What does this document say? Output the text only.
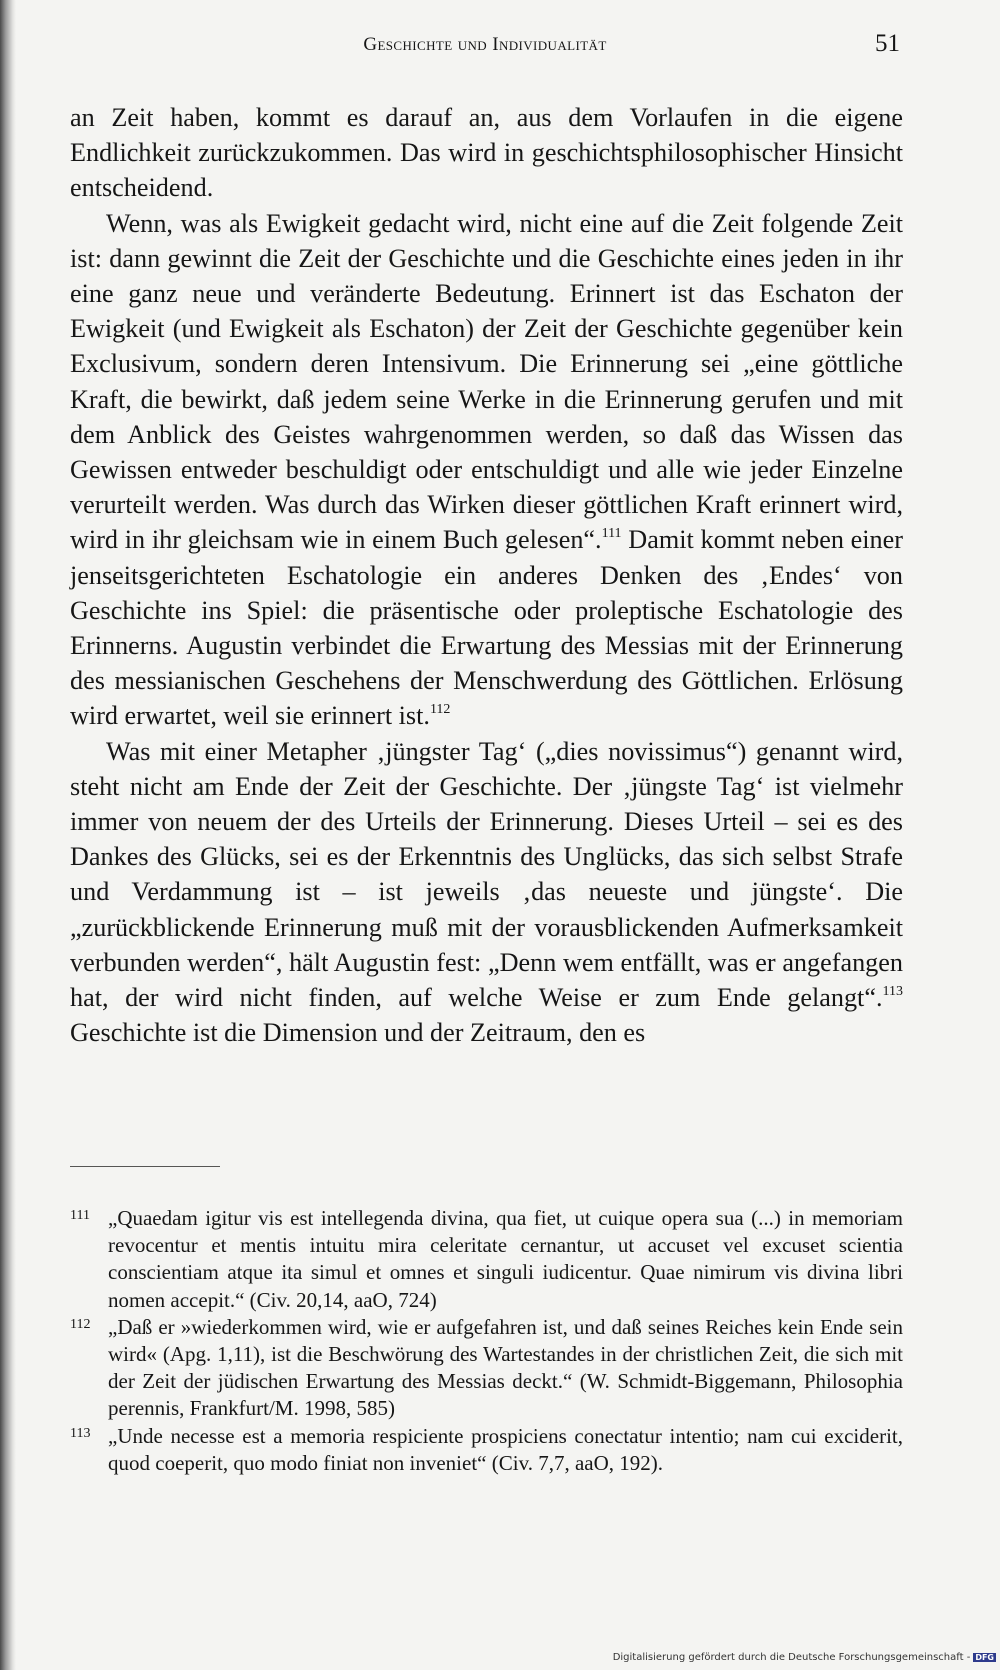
Geschichte und Individualität	51

an Zeit haben, kommt es darauf an, aus dem Vorlaufen in die eigene Endlichkeit zurückzukommen. Das wird in geschichtsphilosophischer Hinsicht entscheidend.

Wenn, was als Ewigkeit gedacht wird, nicht eine auf die Zeit folgende Zeit ist: dann gewinnt die Zeit der Geschichte und die Geschichte eines jeden in ihr eine ganz neue und veränderte Bedeutung. Erinnert ist das Eschaton der Ewigkeit (und Ewigkeit als Eschaton) der Zeit der Geschichte gegenüber kein Exclusivum, sondern deren Intensivum. Die Erinnerung sei „eine göttliche Kraft, die bewirkt, daß jedem seine Werke in die Erinnerung gerufen und mit dem Anblick des Geistes wahrgenommen werden, so daß das Wissen das Gewissen entweder beschuldigt oder entschuldigt und alle wie jeder Einzelne verurteilt werden. Was durch das Wirken dieser göttlichen Kraft erinnert wird, wird in ihr gleichsam wie in einem Buch gelesen“.$^{111}$ Damit kommt neben einer jenseitsgerichteten Eschatologie ein anderes Denken des ‚Endes‘ von Geschichte ins Spiel: die präsentische oder proleptische Eschatologie des Erinnerns. Augustin verbindet die Erwartung des Messias mit der Erinnerung des messianischen Geschehens der Menschwerdung des Göttlichen. Erlösung wird erwartet, weil sie erinnert ist.$^{112}$

Was mit einer Metapher ‚jüngster Tag‘ („dies novissimus“) genannt wird, steht nicht am Ende der Zeit der Geschichte. Der ‚jüngste Tag‘ ist vielmehr immer von neuem der des Urteils der Erinnerung. Dieses Urteil – sei es des Dankes des Glücks, sei es der Erkenntnis des Unglücks, das sich selbst Strafe und Verdammung ist – ist jeweils ‚das neueste und jüngste‘. Die „zurückblickende Erinnerung muß mit der vorausblickenden Aufmerksamkeit verbunden werden“, hält Augustin fest: „Denn wem entfällt, was er angefangen hat, der wird nicht finden, auf welche Weise er zum Ende gelangt“.$^{113}$ Geschichte ist die Dimension und der Zeitraum, den es

111 „Quaedam igitur vis est intellegenda divina, qua fiet, ut cuique opera sua (...) in memoriam revocentur et mentis intuitu mira celeritate cernantur, ut accuset vel excuset scientia conscientiam atque ita simul et omnes et singuli iudicentur. Quae nimirum vis divina libri nomen accepit.“ (Civ. 20,14, aaO, 724)

112 „Daß er »wiederkommen wird, wie er aufgefahren ist, und daß seines Reiches kein Ende sein wird« (Apg. 1,11), ist die Beschwörung des Wartestandes in der christlichen Zeit, die sich mit der Zeit der jüdischen Erwartung des Messias deckt.“ (W. Schmidt-Biggemann, Philosophia perennis, Frankfurt/M. 1998, 585)

113 „Unde necesse est a memoria respiciente prospiciens conectatur intentio; nam cui exciderit, quod coeperit, quo modo finiat non inveniet“ (Civ. 7,7, aaO, 192).

Digitalisierung gefördert durch die Deutsche Forschungsgemeinschaft - DFG
